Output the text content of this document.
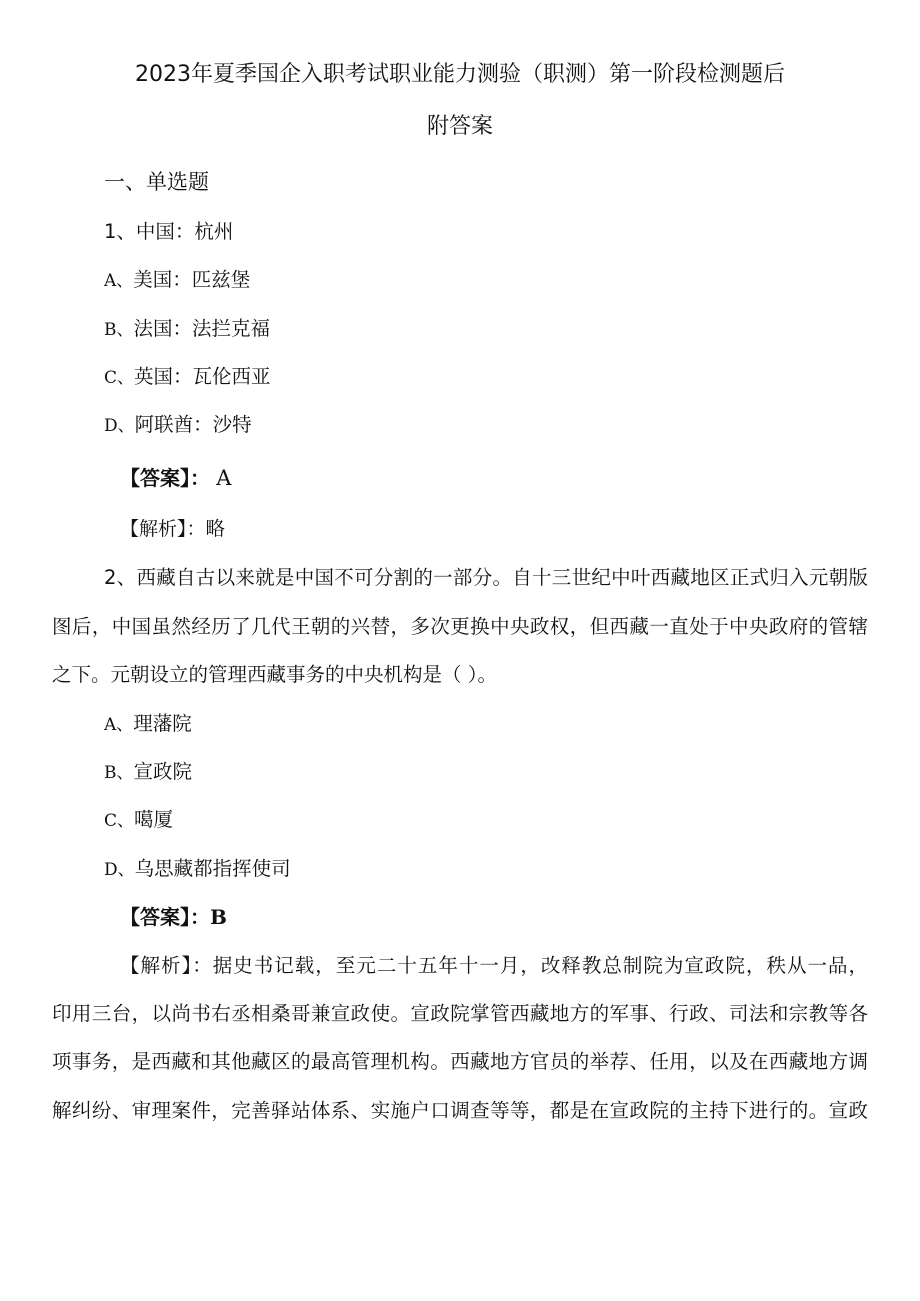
2023年夏季国企入职考试职业能力测验（职测）第一阶段检测题后
附答案
一、单选题
1、中国：杭州
A、美国：匹兹堡
B、法国：法拦克福
C、英国：瓦伦西亚
D、阿联酋：沙特
【答案】： A
【解析】：略
2、西藏自古以来就是中国不可分割的一部分。自十三世纪中叶西藏地区正式归入元朝版
图后，中国虽然经历了几代王朝的兴替，多次更换中央政权，但西藏一直处于中央政府的管辖
之下。元朝设立的管理西藏事务的中央机构是（ ）。
A、理藩院
B、宣政院
C、噶厦
D、乌思藏都指挥使司
【答案】：B
【解析】：据史书记载，至元二十五年十一月，改释教总制院为宣政院，秩从一品，
印用三台，以尚书右丞相桑哥兼宣政使。宣政院掌管西藏地方的军事、行政、司法和宗教等各
项事务，是西藏和其他藏区的最高管理机构。西藏地方官员的举荐、任用，以及在西藏地方调
解纠纷、审理案件，完善驿站体系、实施户口调查等等，都是在宣政院的主持下进行的。宣政
